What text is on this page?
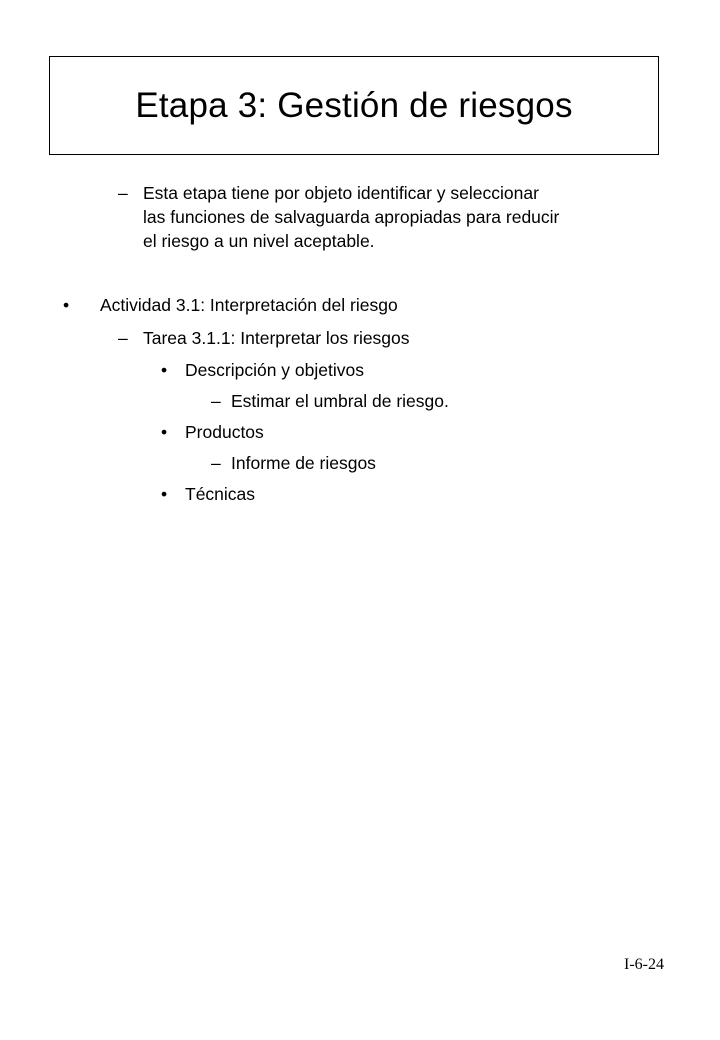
Etapa 3: Gestión de riesgos
– Esta etapa tiene por objeto identificar y seleccionar
las funciones de salvaguarda apropiadas para reducir
el riesgo a un nivel aceptable.
• Actividad 3.1: Interpretación del riesgo
– Tarea 3.1.1: Interpretar los riesgos
• Descripción y objetivos
– Estimar el umbral de riesgo.
• Productos
– Informe de riesgos
• Técnicas
I-6-24
